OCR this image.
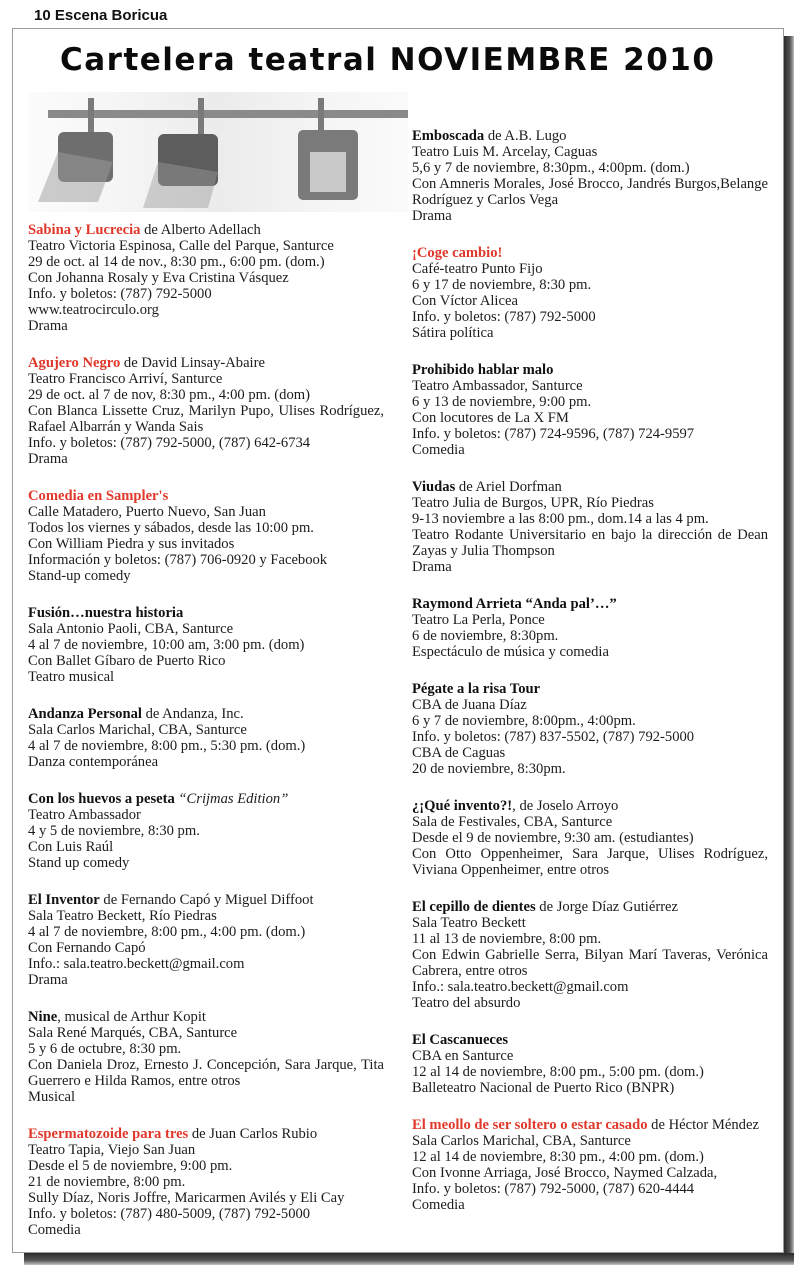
10 Escena Boricua
Cartelera teatral NOVIEMBRE 2010
Sabina y Lucrecia de Alberto Adellach
Teatro Victoria Espinosa, Calle del Parque, Santurce
29 de oct. al 14 de nov., 8:30 pm., 6:00 pm. (dom.)
Con Johanna Rosaly y Eva Cristina Vásquez
Info. y boletos: (787) 792-5000
www.teatrocirculo.org
Drama
Agujero Negro de David Linsay-Abaire
Teatro Francisco Arriví, Santurce
29 de oct. al 7 de nov, 8:30 pm., 4:00 pm. (dom)
Con Blanca Lissette Cruz, Marilyn Pupo, Ulises Rodríguez, Rafael Albarrán y Wanda Sais
Info. y boletos: (787) 792-5000, (787) 642-6734
Drama
Comedia en Sampler's
Calle Matadero, Puerto Nuevo, San Juan
Todos los viernes y sábados, desde las 10:00 pm.
Con William Piedra y sus invitados
Información y boletos: (787) 706-0920 y Facebook
Stand-up comedy
Fusión…nuestra historia
Sala Antonio Paoli, CBA, Santurce
4 al 7 de noviembre, 10:00 am, 3:00 pm. (dom)
Con Ballet Gíbaro de Puerto Rico
Teatro musical
Andanza Personal de Andanza, Inc.
Sala Carlos Marichal, CBA, Santurce
4 al 7 de noviembre, 8:00 pm., 5:30 pm. (dom.)
Danza contemporánea
Con los huevos a peseta “Crijmas Edition”
Teatro Ambassador
4 y 5 de noviembre, 8:30 pm.
Con Luis Raúl
Stand up comedy
El Inventor de Fernando Capó y Miguel Diffoot
Sala Teatro Beckett, Río Piedras
4 al 7 de noviembre, 8:00 pm., 4:00 pm. (dom.)
Con Fernando Capó
Info.: sala.teatro.beckett@gmail.com
Drama
Nine, musical de Arthur Kopit
Sala René Marqués, CBA, Santurce
5 y 6 de octubre, 8:30 pm.
Con Daniela Droz, Ernesto J. Concepción, Sara Jarque, Tita Guerrero e Hilda Ramos, entre otros
Musical
Espermatozoide para tres de Juan Carlos Rubio
Teatro Tapia, Viejo San Juan
Desde el 5 de noviembre, 9:00 pm.
21 de noviembre, 8:00 pm.
Sully Díaz, Noris Joffre, Maricarmen Avilés y Eli Cay
Info. y boletos: (787) 480-5009, (787) 792-5000
Comedia
Emboscada de A.B. Lugo
Teatro Luis M. Arcelay, Caguas
5,6 y 7 de noviembre, 8:30pm., 4:00pm. (dom.)
Con Amneris Morales, José Brocco, Jandrés Burgos,Belange Rodríguez y Carlos Vega
Drama
¡Coge cambio!
Café-teatro Punto Fijo
6 y 17 de noviembre, 8:30 pm.
Con Víctor Alicea
Info. y boletos: (787) 792-5000
Sátira política
Prohibido hablar malo
Teatro Ambassador, Santurce
6 y 13 de noviembre, 9:00 pm.
Con locutores de La X FM
Info. y boletos: (787) 724-9596, (787) 724-9597
Comedia
Viudas de Ariel Dorfman
Teatro Julia de Burgos, UPR, Río Piedras
9-13 noviembre a las 8:00 pm., dom.14 a las 4 pm.
Teatro Rodante Universitario en bajo la dirección de Dean Zayas y Julia Thompson
Drama
Raymond Arrieta “Anda pal’…”
Teatro La Perla, Ponce
6 de noviembre, 8:30pm.
Espectáculo de música y comedia
Pégate a la risa Tour
CBA de Juana Díaz
6 y 7 de noviembre, 8:00pm., 4:00pm.
Info. y boletos: (787) 837-5502, (787) 792-5000
CBA de Caguas
20 de noviembre, 8:30pm.
¿¡Qué invento?!, de Joselo Arroyo
Sala de Festivales, CBA, Santurce
Desde el 9 de noviembre, 9:30 am. (estudiantes)
Con Otto Oppenheimer, Sara Jarque, Ulises Rodríguez, Viviana Oppenheimer, entre otros
El cepillo de dientes de Jorge Díaz Gutiérrez
Sala Teatro Beckett
11 al 13 de noviembre, 8:00 pm.
Con Edwin Gabrielle Serra, Bilyan Marí Taveras, Verónica Cabrera, entre otros
Info.: sala.teatro.beckett@gmail.com
Teatro del absurdo
El Cascanueces
CBA en Santurce
12 al 14 de noviembre, 8:00 pm., 5:00 pm. (dom.)
Balleteatro Nacional de Puerto Rico (BNPR)
El meollo de ser soltero o estar casado de Héctor Méndez
Sala Carlos Marichal, CBA, Santurce
12 al 14 de noviembre, 8:30 pm., 4:00 pm. (dom.)
Con Ivonne Arriaga, José Brocco, Naymed Calzada,
Info. y boletos: (787) 792-5000, (787) 620-4444
Comedia
